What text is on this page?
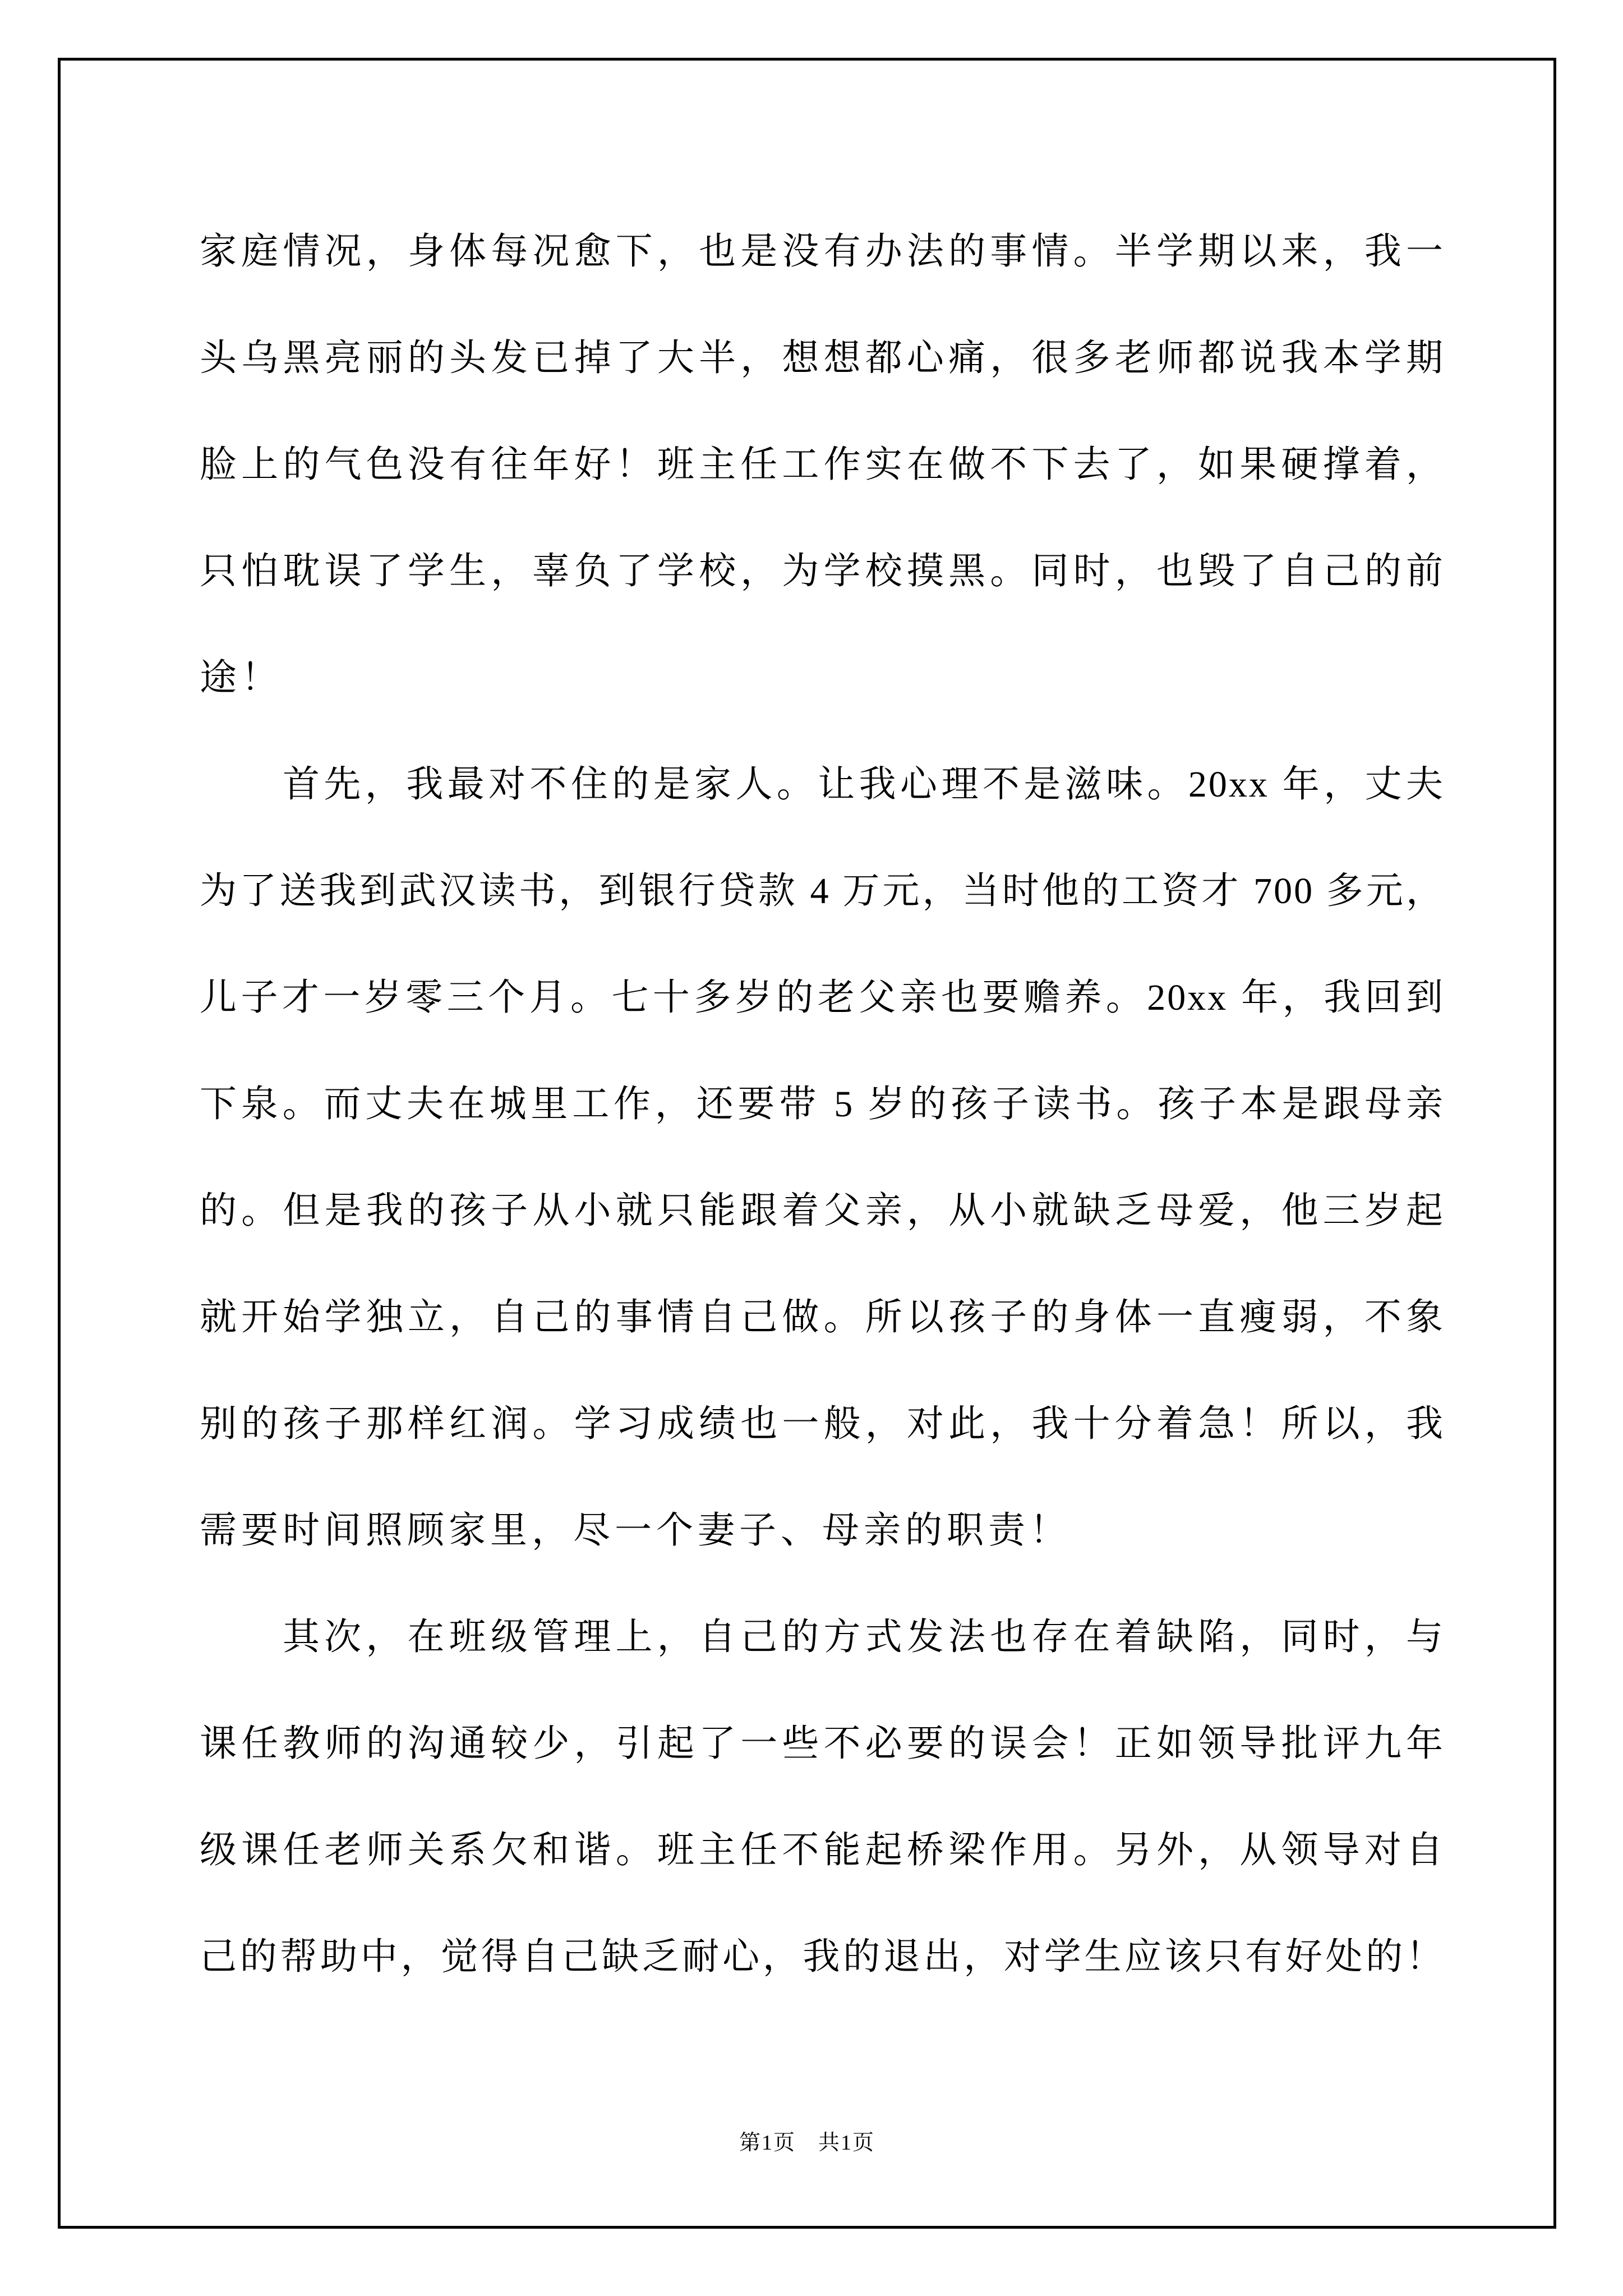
家庭情况，身体每况愈下，也是没有办法的事情。半学期以来，我一
头乌黑亮丽的头发已掉了大半，想想都心痛，很多老师都说我本学期
脸上的气色没有往年好！班主任工作实在做不下去了，如果硬撑着，
只怕耽误了学生，辜负了学校，为学校摸黑。同时，也毁了自己的前
途！
首先，我最对不住的是家人。让我心理不是滋味。20xx 年，丈夫
为了送我到武汉读书，到银行贷款 4 万元，当时他的工资才 700 多元，
儿子才一岁零三个月。七十多岁的老父亲也要赡养。20xx 年，我回到
下泉。而丈夫在城里工作，还要带 5 岁的孩子读书。孩子本是跟母亲
的。但是我的孩子从小就只能跟着父亲，从小就缺乏母爱，他三岁起
就开始学独立，自己的事情自己做。所以孩子的身体一直瘦弱，不象
别的孩子那样红润。学习成绩也一般，对此，我十分着急！所以，我
需要时间照顾家里，尽一个妻子、母亲的职责！
其次，在班级管理上，自己的方式发法也存在着缺陷，同时，与
课任教师的沟通较少，引起了一些不必要的误会！正如领导批评九年
级课任老师关系欠和谐。班主任不能起桥梁作用。另外，从领导对自
己的帮助中，觉得自己缺乏耐心，我的退出，对学生应该只有好处的！
第1页　共1页
